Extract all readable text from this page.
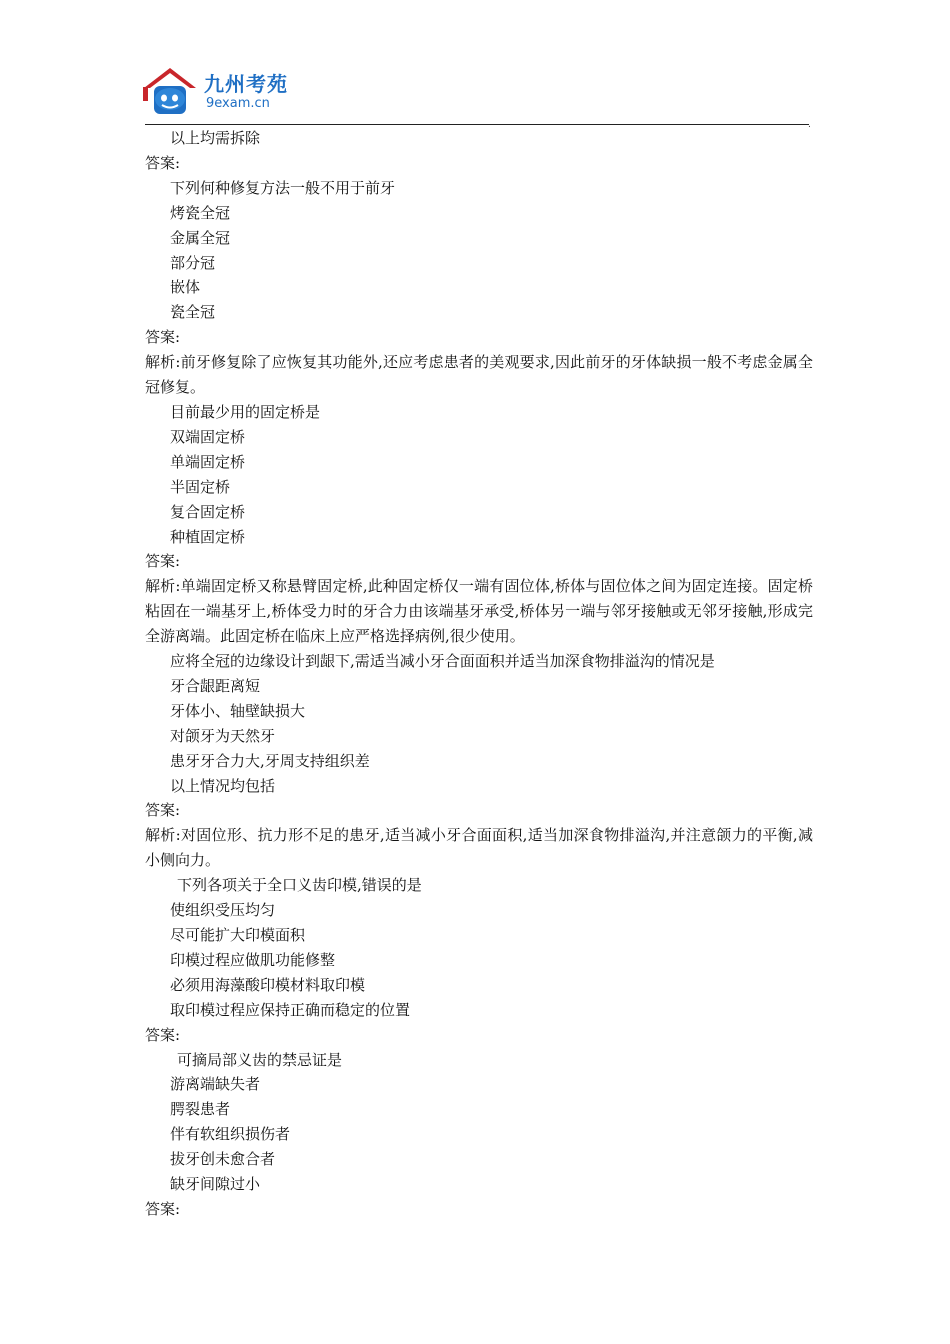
九州考苑
9exam.cn
.
以上均需拆除
答案:
下列何种修复方法一般不用于前牙
烤瓷全冠
金属全冠
部分冠
嵌体
瓷全冠
答案:
解析:前牙修复除了应恢复其功能外,还应考虑患者的美观要求,因此前牙的牙体缺损一般不考虑金属全冠修复。
目前最少用的固定桥是
双端固定桥
单端固定桥
半固定桥
复合固定桥
种植固定桥
答案:
解析:单端固定桥又称悬臂固定桥,此种固定桥仅一端有固位体,桥体与固位体之间为固定连接。固定桥粘固在一端基牙上,桥体受力时的牙合力由该端基牙承受,桥体另一端与邻牙接触或无邻牙接触,形成完全游离端。此固定桥在临床上应严格选择病例,很少使用。
应将全冠的边缘设计到龈下,需适当减小牙合面面积并适当加深食物排溢沟的情况是
牙合龈距离短
牙体小、轴壁缺损大
对颌牙为天然牙
患牙牙合力大,牙周支持组织差
以上情况均包括
答案:
解析:对固位形、抗力形不足的患牙,适当减小牙合面面积,适当加深食物排溢沟,并注意颌力的平衡,减小侧向力。
下列各项关于全口义齿印模,错误的是
使组织受压均匀
尽可能扩大印模面积
印模过程应做肌功能修整
必须用海藻酸印模材料取印模
取印模过程应保持正确而稳定的位置
答案:
可摘局部义齿的禁忌证是
游离端缺失者
腭裂患者
伴有软组织损伤者
拔牙创未愈合者
缺牙间隙过小
答案:
